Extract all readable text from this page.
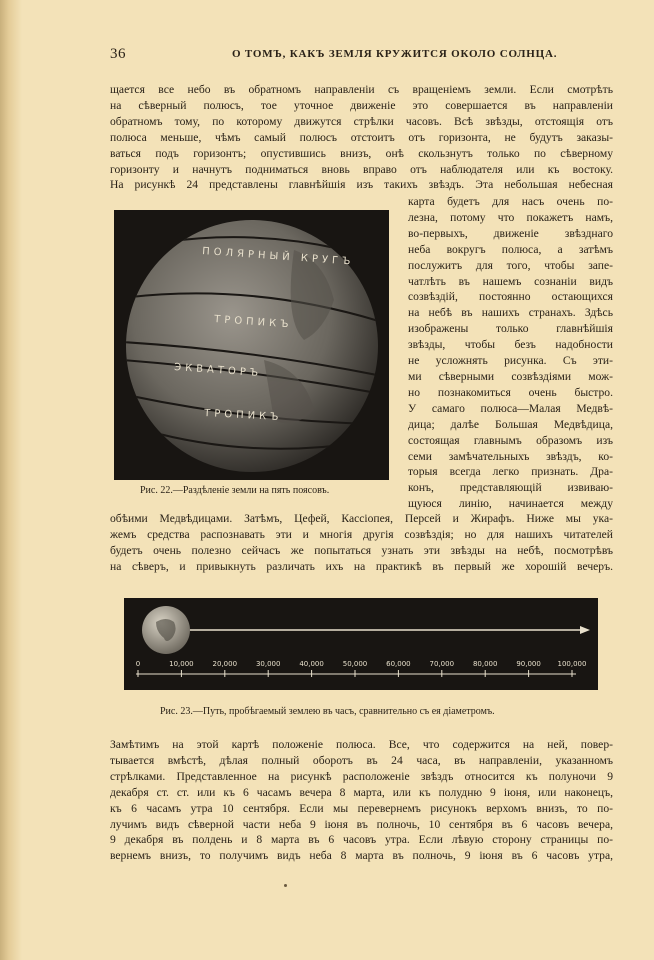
36	О ТОМЪ, КАКЪ ЗЕМЛЯ КРУЖИТСЯ ОКОЛО СОЛНЦА.
щается все небо въ обратномъ направленіи съ вращеніемъ земли. Если смотрѣть
на сѣверный полюсъ, тое уточное движеніе это совершается въ направленіи
обратномъ тому, по которому движутся стрѣлки часовъ. Всѣ звѣзды, отстоящія отъ
полюса меньше, чѣмъ самый полюсъ отстоитъ отъ горизонта, не будутъ заказы-
ваться подъ горизонтъ; опустившись внизъ, онѣ скользнутъ только по сѣверному
горизонту и начнутъ подниматься вновь вправо отъ наблюдателя или къ востоку.
На рисункѣ 24 представлены главнѣйшія изъ такихъ звѣздъ. Эта небольшая небесная
ПОЛЯРНЫЙ КРУГЪ
ТРОПИКЪ
ЭКВАТОРЪ
ТРОПИКЪ
Рис. 22.—Раздѣленіе земли на пять поясовъ.
карта будетъ для насъ очень по-
лезна, потому что покажетъ намъ,
во-первыхъ, движеніе звѣзднаго
неба вокругъ полюса, а затѣмъ
послужитъ для того, чтобы запе-
чатлѣть въ нашемъ сознаніи видъ
созвѣздій, постоянно остающихся
на небѣ въ нашихъ странахъ. Здѣсь
изображены только главнѣйшія
звѣзды, чтобы безъ надобности
не усложнять рисунка. Съ эти-
ми сѣверными созвѣздіями мож-
но познакомиться очень быстро.
У самаго полюса—Малая Медвѣ-
дица; далѣе Большая Медвѣдица,
состоящая главнымъ образомъ изъ
семи замѣчательныхъ звѣздъ, ко-
торыя всегда легко признать. Дра-
конъ, представляющій извиваю-
щуюся линію, начинается между
обѣими Медвѣдицами. Затѣмъ, Цефей, Кассіопея, Персей и Жирафъ. Ниже мы ука-
жемъ средства распознавать эти и многія другія созвѣздія; но для нашихъ читателей
будетъ очень полезно сейчасъ же попытаться узнать эти звѣзды на небѣ, посмотрѣвъ
на сѣверъ, и привыкнуть различать ихъ на практикѣ въ первый же хорошій вечеръ.
0	10,000	20,000	30,000	40,000	50,000	60,000	70,000	80,000	90,000 100,000
Рис. 23.—Путь, пробѣгаемый землею въ часъ, сравнительно съ ея діаметромъ.
Замѣтимъ на этой картѣ положеніе полюса. Все, что содержится на ней, повер-
тывается вмѣстѣ, дѣлая полный оборотъ въ 24 часа, въ направленіи, указанномъ
стрѣлками. Представленное на рисункѣ расположеніе звѣздъ относится къ полуночи 9
декабря ст. ст. или къ 6 часамъ вечера 8 марта, или къ полудню 9 іюня, или наконецъ,
къ 6 часамъ утра 10 сентября. Если мы перевернемъ рисунокъ верхомъ внизъ, то по-
лучимъ видъ сѣверной части неба 9 іюня въ полночь, 10 сентября въ 6 часовъ вечера,
9 декабря въ полдень и 8 марта въ 6 часовъ утра. Если лѣвую сторону страницы по-
вернемъ внизъ, то получимъ видъ неба 8 марта въ полночь, 9 іюня въ 6 часовъ утра,
